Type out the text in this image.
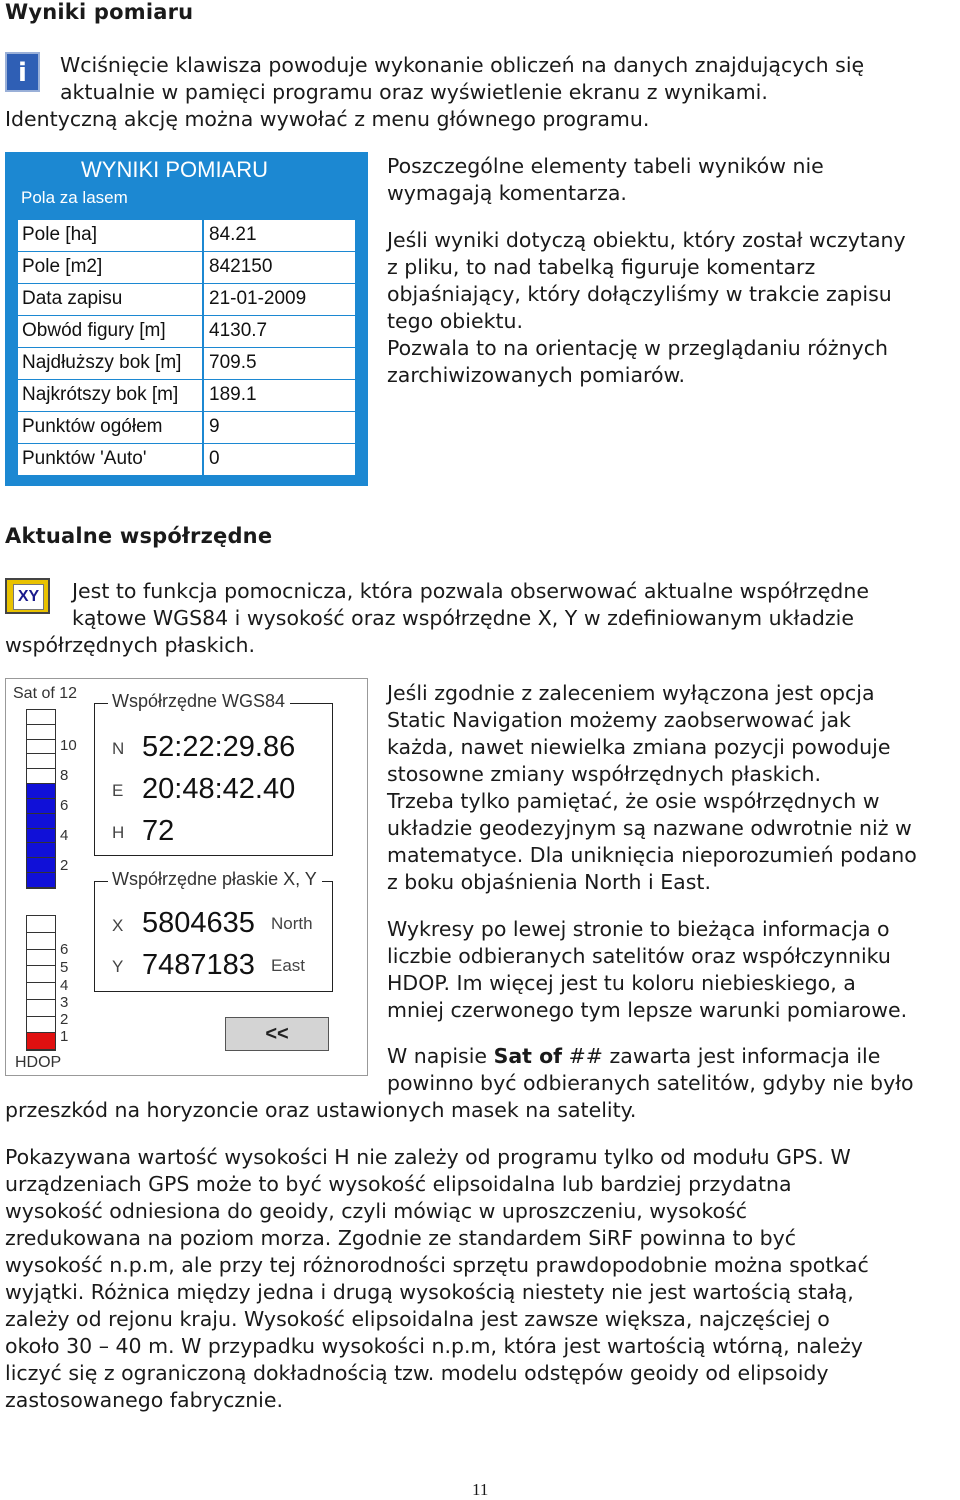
Wyniki pomiaru
i	Wciśnięcie klawisza powoduje wykonanie obliczeń na danych znajdujących się
aktualnie w pamięci programu oraz wyświetlenie ekranu z wynikami.
Identyczną akcję można wywołać z menu głównego programu.
WYNIKI POMIARU
Pola za lasem
Pole [ha]	84.21
Pole [m2]	842150
Data zapisu	21-01-2009
Obwód figury [m] 4130.7
Najdłuższy bok [m] 709.5
Najkrótszy bok [m] 189.1
Punktów ogółem 9
Punktów 'Auto'	0
Poszczególne elementy tabeli wyników nie
wymagają komentarza.
Jeśli wyniki dotyczą obiektu, który został wczytany
z pliku, to nad tabelką figuruje komentarz
objaśniający, który dołączyliśmy w trakcie zapisu
tego obiektu.
Pozwala to na orientację w przeglądaniu różnych
zarchiwizowanych pomiarów.
Aktualne współrzędne
XY Jest to funkcja pomocnicza, która pozwala obserwować aktualne współrzędne
kątowe WGS84 i wysokość oraz współrzędne X, Y w zdefiniowanym układzie
współrzędnych płaskich.
Sat of 12
10
8
6
4
2
6
5
4
3
2
1
HDOP
Współrzędne WGS84
N 52:22:29.86
E 20:48:42.40
H 72
Współrzędne płaskie X, Y
X 5804635 North
Y 7487183 East
<<
Jeśli zgodnie z zaleceniem wyłączona jest opcja
Static Navigation możemy zaobserwować jak
każda, nawet niewielka zmiana pozycji powoduje
stosowne zmiany współrzędnych płaskich.
Trzeba tylko pamiętać, że osie współrzędnych w
układzie geodezyjnym są nazwane odwrotnie niż w
matematyce. Dla uniknięcia nieporozumień podano
z boku objaśnienia North i East.
Wykresy po lewej stronie to bieżąca informacja o
liczbie odbieranych satelitów oraz współczynniku
HDOP. Im więcej jest tu koloru niebieskiego, a
mniej czerwonego tym lepsze warunki pomiarowe.
W napisie Sat of ## zawarta jest informacja ile
powinno być odbieranych satelitów, gdyby nie było
przeszkód na horyzoncie oraz ustawionych masek na satelity.
Pokazywana wartość wysokości H nie zależy od programu tylko od modułu GPS. W
urządzeniach GPS może to być wysokość elipsoidalna lub bardziej przydatna
wysokość odniesiona do geoidy, czyli mówiąc w uproszczeniu, wysokość
zredukowana na poziom morza. Zgodnie ze standardem SiRF powinna to być
wysokość n.p.m, ale przy tej różnorodności sprzętu prawdopodobnie można spotkać
wyjątki. Różnica między jedna i drugą wysokością niestety nie jest wartością stałą,
zależy od rejonu kraju. Wysokość elipsoidalna jest zawsze większa, najczęściej o
około 30 – 40 m. W przypadku wysokości n.p.m, która jest wartością wtórną, należy
liczyć się z ograniczoną dokładnością tzw. modelu odstępów geoidy od elipsoidy
zastosowanego fabrycznie.
11
